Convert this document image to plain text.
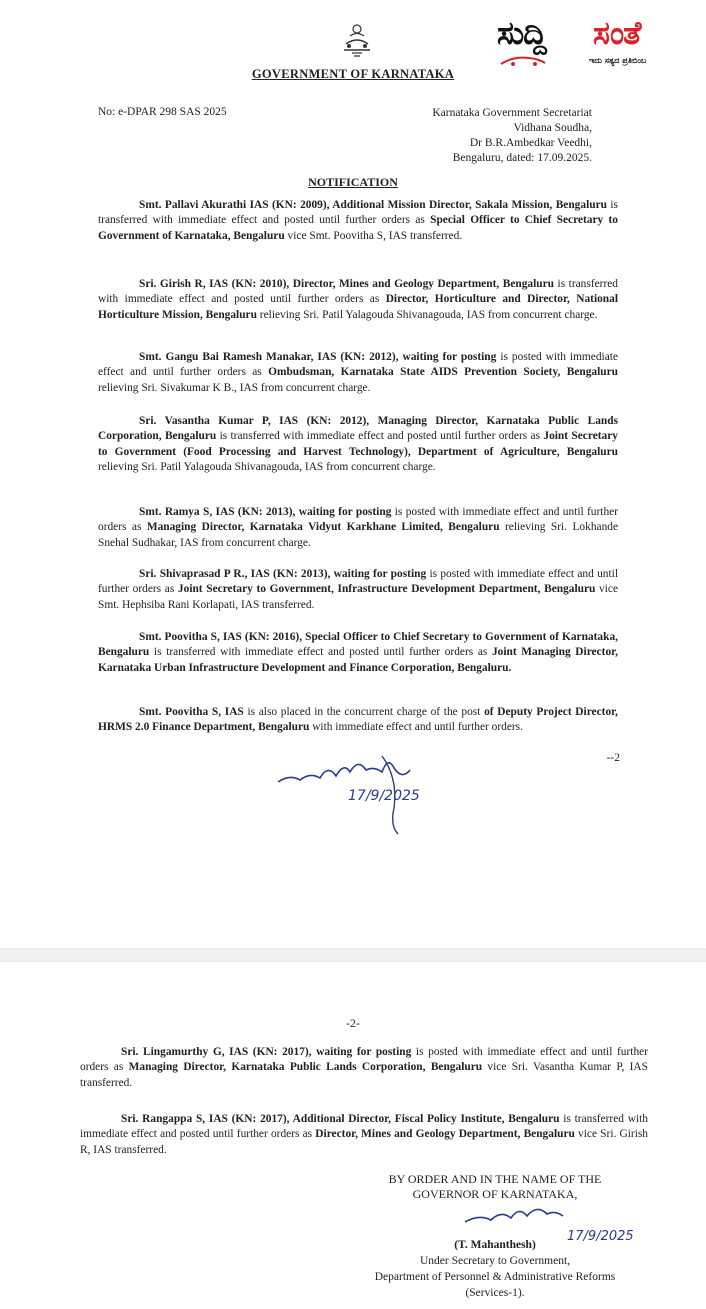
GOVERNMENT OF KARNATAKA
ಸುದ್ದಿ ಸಂತೆ
ಇದು ಸತ್ಯದ ಪ್ರತಿಬಿಂಬ
No: e-DPAR 298 SAS 2025	Karnataka Government Secretariat
Vidhana Soudha,
Dr B.R.Ambedkar Veedhi,
Bengaluru, dated: 17.09.2025.
NOTIFICATION
Smt. Pallavi Akurathi IAS (KN: 2009), Additional Mission Director, Sakala Mission, Bengaluru is transferred with immediate effect and posted until further orders as Special Officer to Chief Secretary to Government of Karnataka, Bengaluru vice Smt. Poovitha S, IAS transferred.
Sri. Girish R, IAS (KN: 2010), Director, Mines and Geology Department, Bengaluru is transferred with immediate effect and posted until further orders as Director, Horticulture and Director, National Horticulture Mission, Bengaluru relieving Sri. Patil Yalagouda Shivanagouda, IAS from concurrent charge.
Smt. Gangu Bai Ramesh Manakar, IAS (KN: 2012), waiting for posting is posted with immediate effect and until further orders as Ombudsman, Karnataka State AIDS Prevention Society, Bengaluru relieving Sri. Sivakumar K B., IAS from concurrent charge.
Sri. Vasantha Kumar P, IAS (KN: 2012), Managing Director, Karnataka Public Lands Corporation, Bengaluru is transferred with immediate effect and posted until further orders as Joint Secretary to Government (Food Processing and Harvest Technology), Department of Agriculture, Bengaluru relieving Sri. Patil Yalagouda Shivanagouda, IAS from concurrent charge.
Smt. Ramya S, IAS (KN: 2013), waiting for posting is posted with immediate effect and until further orders as Managing Director, Karnataka Vidyut Karkhane Limited, Bengaluru relieving Sri. Lokhande Snehal Sudhakar, IAS from concurrent charge.
Sri. Shivaprasad P R., IAS (KN: 2013), waiting for posting is posted with immediate effect and until further orders as Joint Secretary to Government, Infrastructure Development Department, Bengaluru vice Smt. Hephsiba Rani Korlapati, IAS transferred.
Smt. Poovitha S, IAS (KN: 2016), Special Officer to Chief Secretary to Government of Karnataka, Bengaluru is transferred with immediate effect and posted until further orders as Joint Managing Director, Karnataka Urban Infrastructure Development and Finance Corporation, Bengaluru.
Smt. Poovitha S, IAS is also placed in the concurrent charge of the post of Deputy Project Director, HRMS 2.0 Finance Department, Bengaluru with immediate effect and until further orders.
--2
17/9/2025
-2-
Sri. Lingamurthy G, IAS (KN: 2017), waiting for posting is posted with immediate effect and until further orders as Managing Director, Karnataka Public Lands Corporation, Bengaluru vice Sri. Vasantha Kumar P, IAS transferred.
Sri. Rangappa S, IAS (KN: 2017), Additional Director, Fiscal Policy Institute, Bengaluru is transferred with immediate effect and posted until further orders as Director, Mines and Geology Department, Bengaluru vice Sri. Girish R, IAS transferred.
BY ORDER AND IN THE NAME OF THE
GOVERNOR OF KARNATAKA,
17/9/2025
(T. Mahanthesh)
Under Secretary to Government,
Department of Personnel & Administrative Reforms
(Services-1).
